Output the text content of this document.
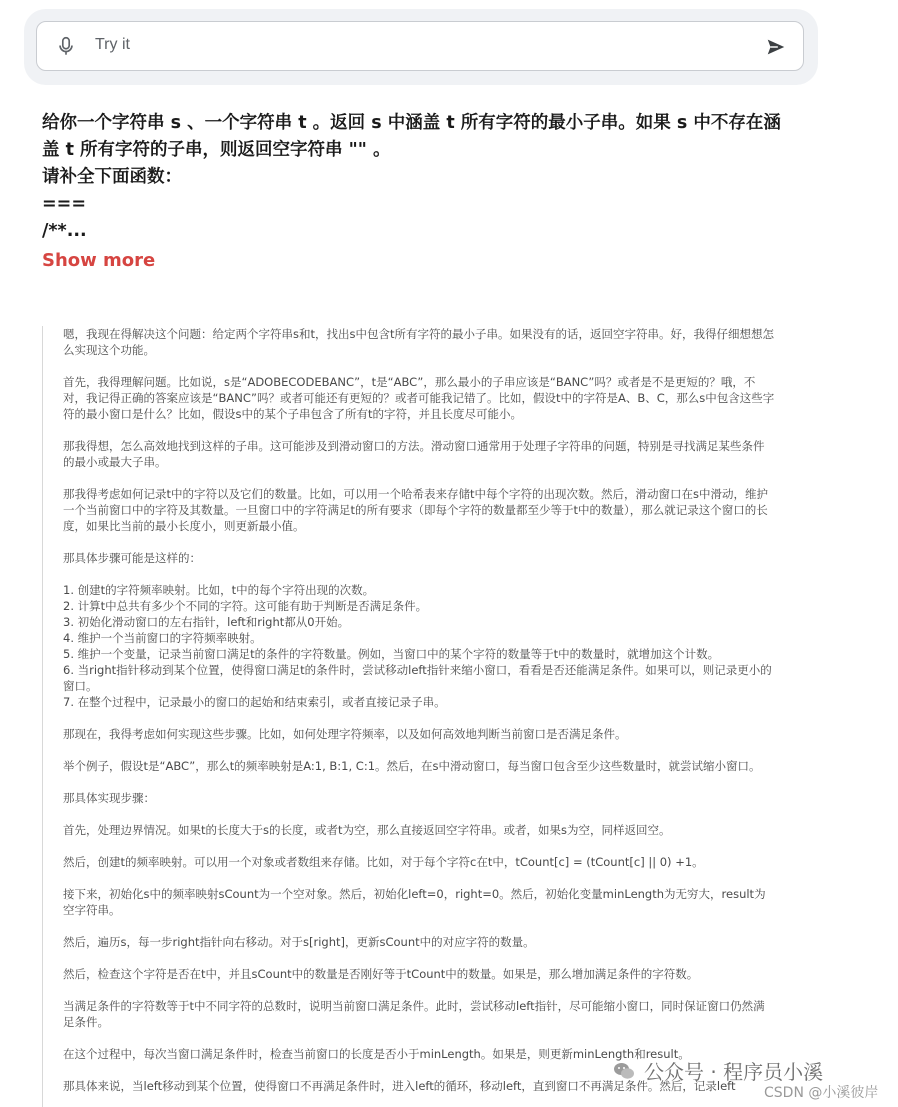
Try it
给你一个字符串 s 、一个字符串 t 。返回 s 中涵盖 t 所有字符的最小子串。如果 s 中不存在涵
盖 t 所有字符的子串，则返回空字符串 "" 。
请补全下面函数：
===
/**...
Show more

嗯，我现在得解决这个问题：给定两个字符串s和t，找出s中包含t所有字符的最小子串。如果没有的话，返回空字符串。好，我得仔细想想怎么实现这个功能。

首先，我得理解问题。比如说，s是“ADOBECODEBANC”，t是“ABC”，那么最小的子串应该是“BANC”吗？或者是不是更短的？哦，不对，我记得正确的答案应该是“BANC”吗？或者可能还有更短的？或者可能我记错了。比如，假设t中的字符是A、B、C，那么s中包含这些字符的最小窗口是什么？比如，假设s中的某个子串包含了所有t的字符，并且长度尽可能小。

那我得想，怎么高效地找到这样的子串。这可能涉及到滑动窗口的方法。滑动窗口通常用于处理子字符串的问题，特别是寻找满足某些条件的最小或最大子串。

那我得考虑如何记录t中的字符以及它们的数量。比如，可以用一个哈希表来存储t中每个字符的出现次数。然后，滑动窗口在s中滑动，维护一个当前窗口中的字符及其数量。一旦窗口中的字符满足t的所有要求（即每个字符的数量都至少等于t中的数量），那么就记录这个窗口的长度，如果比当前的最小长度小，则更新最小值。

那具体步骤可能是这样的：

1. 创建t的字符频率映射。比如，t中的每个字符出现的次数。

2. 计算t中总共有多少个不同的字符。这可能有助于判断是否满足条件。

3. 初始化滑动窗口的左右指针，left和right都从0开始。

4. 维护一个当前窗口的字符频率映射。

5. 维护一个变量，记录当前窗口满足t的条件的字符数量。例如，当窗口中的某个字符的数量等于t中的数量时，就增加这个计数。

6. 当right指针移动到某个位置，使得窗口满足t的条件时，尝试移动left指针来缩小窗口，看看是否还能满足条件。如果可以，则记录更小的窗口。

7. 在整个过程中，记录最小的窗口的起始和结束索引，或者直接记录子串。

那现在，我得考虑如何实现这些步骤。比如，如何处理字符频率，以及如何高效地判断当前窗口是否满足条件。

举个例子，假设t是“ABC”，那么t的频率映射是A:1, B:1, C:1。然后，在s中滑动窗口，每当窗口包含至少这些数量时，就尝试缩小窗口。

那具体实现步骤：

首先，处理边界情况。如果t的长度大于s的长度，或者t为空，那么直接返回空字符串。或者，如果s为空，同样返回空。

然后，创建t的频率映射。可以用一个对象或者数组来存储。比如，对于每个字符c在t中，tCount[c] = (tCount[c] || 0) +1。

接下来，初始化s中的频率映射sCount为一个空对象。然后，初始化left=0，right=0。然后，初始化变量minLength为无穷大，result为空字符串。

然后，遍历s，每一步right指针向右移动。对于s[right]，更新sCount中的对应字符的数量。

然后，检查这个字符是否在t中，并且sCount中的数量是否刚好等于tCount中的数量。如果是，那么增加满足条件的字符数。

当满足条件的字符数等于t中不同字符的总数时，说明当前窗口满足条件。此时，尝试移动left指针，尽可能缩小窗口，同时保证窗口仍然满足条件。

在这个过程中，每次当窗口满足条件时，检查当前窗口的长度是否小于minLength。如果是，则更新minLength和result。

那具体来说，当left移动到某个位置，使得窗口不再满足条件时，进入left的循环，移动left，直到窗口不再满足条件。然后，记录left

公众号 · 程序员小溪
CSDN @小溪彼岸
